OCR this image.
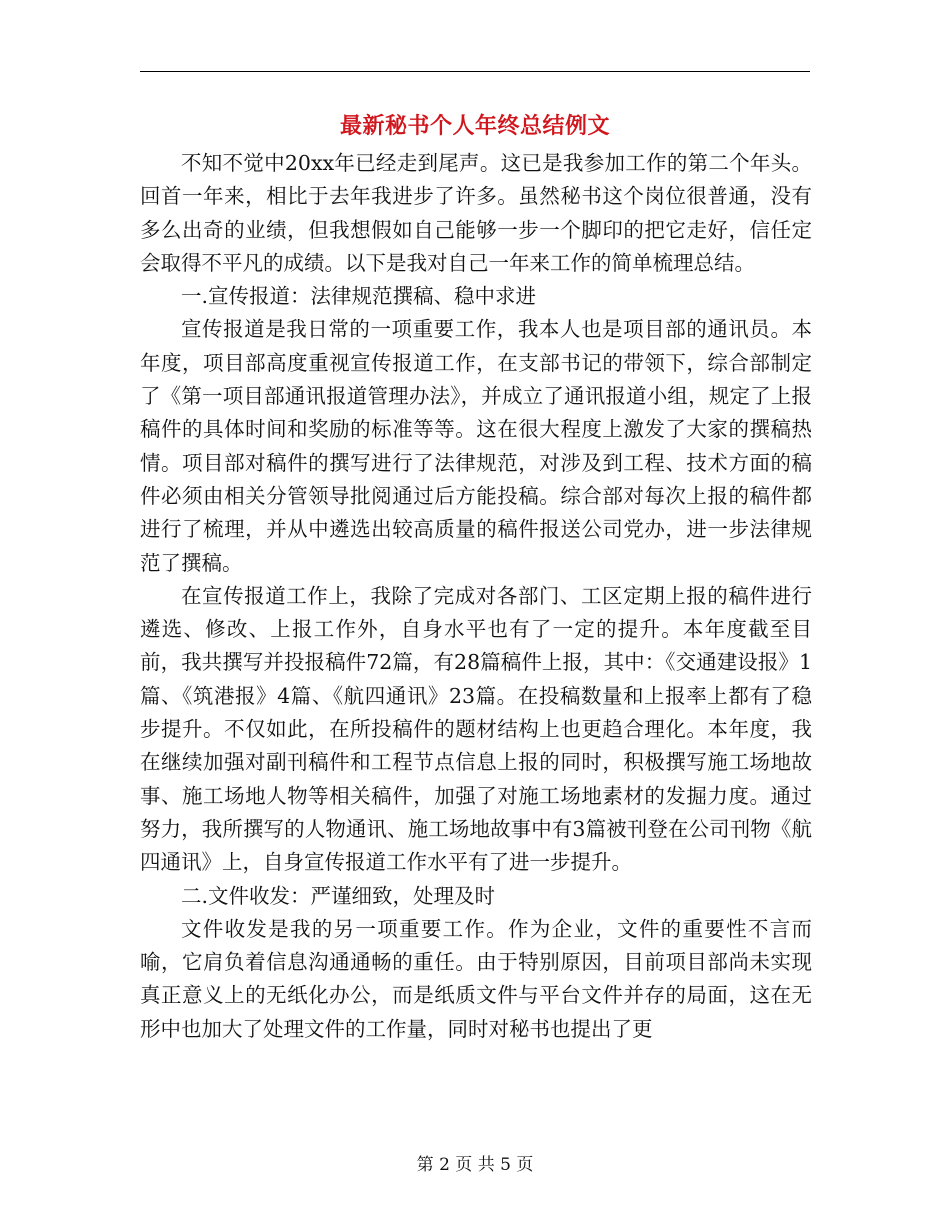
最新秘书个人年终总结例文

不知不觉中20xx年已经走到尾声。这已是我参加工作的第二个年头。回首一年来，相比于去年我进步了许多。虽然秘书这个岗位很普通，没有多么出奇的业绩，但我想假如自己能够一步一个脚印的把它走好，信任定会取得不平凡的成绩。以下是我对自己一年来工作的简单梳理总结。

一.宣传报道：法律规范撰稿、稳中求进

宣传报道是我日常的一项重要工作，我本人也是项目部的通讯员。本年度，项目部高度重视宣传报道工作，在支部书记的带领下，综合部制定了《第一项目部通讯报道管理办法》，并成立了通讯报道小组，规定了上报稿件的具体时间和奖励的标准等等。这在很大程度上激发了大家的撰稿热情。项目部对稿件的撰写进行了法律规范，对涉及到工程、技术方面的稿件必须由相关分管领导批阅通过后方能投稿。综合部对每次上报的稿件都进行了梳理，并从中遴选出较高质量的稿件报送公司党办，进一步法律规范了撰稿。

在宣传报道工作上，我除了完成对各部门、工区定期上报的稿件进行遴选、修改、上报工作外，自身水平也有了一定的提升。本年度截至目前，我共撰写并投报稿件72篇，有28篇稿件上报，其中：《交通建设报》1篇、《筑港报》4篇、《航四通讯》23篇。在投稿数量和上报率上都有了稳步提升。不仅如此，在所投稿件的题材结构上也更趋合理化。本年度，我在继续加强对副刊稿件和工程节点信息上报的同时，积极撰写施工场地故事、施工场地人物等相关稿件，加强了对施工场地素材的发掘力度。通过努力，我所撰写的人物通讯、施工场地故事中有3篇被刊登在公司刊物《航四通讯》上，自身宣传报道工作水平有了进一步提升。

二.文件收发：严谨细致，处理及时

文件收发是我的另一项重要工作。作为企业，文件的重要性不言而喻，它肩负着信息沟通通畅的重任。由于特别原因，目前项目部尚未实现真正意义上的无纸化办公，而是纸质文件与平台文件并存的局面，这在无形中也加大了处理文件的工作量，同时对秘书也提出了更

第 2 页 共 5 页
